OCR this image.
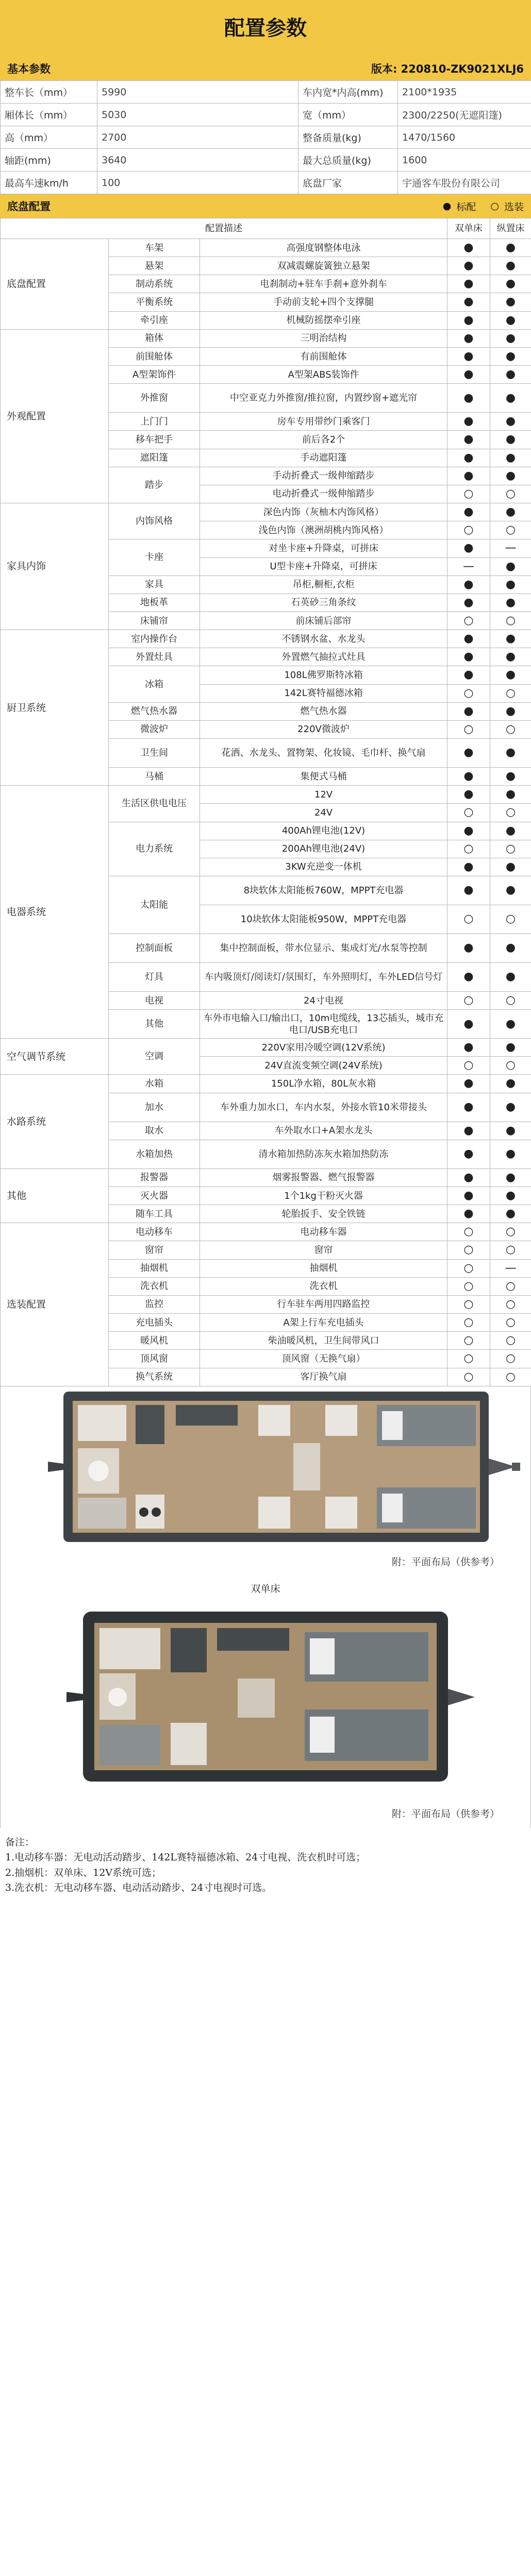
配置参数
基本参数	版本: 220810-ZK9021XLJ6
整车长（mm）	5990	车内宽*内高(mm)	2100*1935
厢体长（mm）	5030	宽（mm）	2300/2250(无遮阳篷)
高（mm）	2700	整备质量(kg)	1470/1560
轴距(mm)	3640	最大总质量(kg)	1600
最高车速km/h	100	底盘厂家	宇通客车股份有限公司
底盘配置	● 标配 ○ 选装
配置描述			双单床	纵置床
底盘配置	车架	高强度钢整体电泳	●	●
	悬架	双减震螺旋簧独立悬架	●	●
	制动系统	电刹制动+驻车手刹+意外刹车	●	●
	平衡系统	手动前支轮+四个支撑腿	●	●
	牵引座	机械防摇摆牵引座	●	●
外观配置	箱体	三明治结构	●	●
	前围舱体	有前围舱体	●	●
	A型架饰件	A型架ABS装饰件	●	●
	外推窗	中空亚克力外推窗/推拉窗，内置纱窗+遮光帘	●	●
	上门门	房车专用带纱门乘客门	●	●
	移车把手	前后各2个	●	●
	遮阳篷	手动遮阳篷	●	●
	踏步	手动折叠式一级伸缩踏步	●	●
		电动折叠式一级伸缩踏步	○	○
家具内饰	内饰风格	深色内饰（灰柚木内饰风格）	●	●
		浅色内饰（澳洲胡桃内饰风格）	○	○
	卡座	对坐卡座+升降桌，可拼床	●	—
		U型卡座+升降桌，可拼床	—	●
	家具	吊柜,橱柜,衣柜	●	●
	地板革	石英砂三角条纹	●	●
	床铺帘	前床铺后部帘	○	○
厨卫系统	室内操作台	不锈钢水盆、水龙头	●	●
	外置灶具	外置燃气抽拉式灶具	●	●
	冰箱	108L佛罗斯特冰箱	●	●
		142L赛特福德冰箱	○	○
	燃气热水器	燃气热水器	●	●
	微波炉	220V微波炉	○	○
	卫生间	花洒、水龙头、置物架、化妆镜、毛巾杆、换气扇	●	●
	马桶	集便式马桶	●	●
电器系统	生活区供电电压	12V	●	●
		24V	○	○
	电力系统	400Ah锂电池(12V)	●	●
		200Ah锂电池(24V)	○	○
		3KW充逆变一体机	●	●
	太阳能	8块软体太阳能板760W，MPPT充电器	●	●
		10块软体太阳能板950W，MPPT充电器	○	○
	控制面板	集中控制面板，带水位显示、集成灯光/水泵等控制	●	●
	灯具	车内吸顶灯/阅读灯/氛围灯，车外照明灯，车外LED信号灯	●	●
	电视	24寸电视	○	○
	其他	车外市电输入口/输出口，10m电缆线，13芯插头，城市充电口/USB充电口	●	●
空气调节系统	空调	220V家用冷暖空调(12V系统)	●	●
		24V直流变频空调(24V系统)	○	○
水路系统	水箱	150L净水箱，80L灰水箱	●	●
	加水	车外重力加水口，车内水泵，外接水管10米带接头	●	●
	取水	车外取水口+A架水龙头	●	●
	水箱加热	清水箱加热防冻灰水箱加热防冻	●	●
其他	报警器	烟雾报警器、燃气报警器	●	●
	灭火器	1个1kg干粉灭火器	●	●
	随车工具	轮胎扳手、安全铁链	●	●
选装配置	电动移车	电动移车器	○	○
	窗帘	窗帘	○	○
	抽烟机	抽烟机	○	—
	洗衣机	洗衣机	○	○
	监控	行车驻车两用四路监控	○	○
	充电插头	A架上行车充电插头	○	○
	暖风机	柴油暖风机，卫生间带风口	○	○
	顶风窗	顶风窗（无换气扇）	○	○
	换气系统	客厅换气扇	○	○
附：平面布局（供参考）
双单床
附：平面布局（供参考）

备注：

1.电动移车器：无电动活动踏步、142L赛特福德冰箱、24寸电视、洗衣机时可选；

2.抽烟机：双单床、12V系统可选；

3.洗衣机：无电动移车器、电动活动踏步、24寸电视时可选。
